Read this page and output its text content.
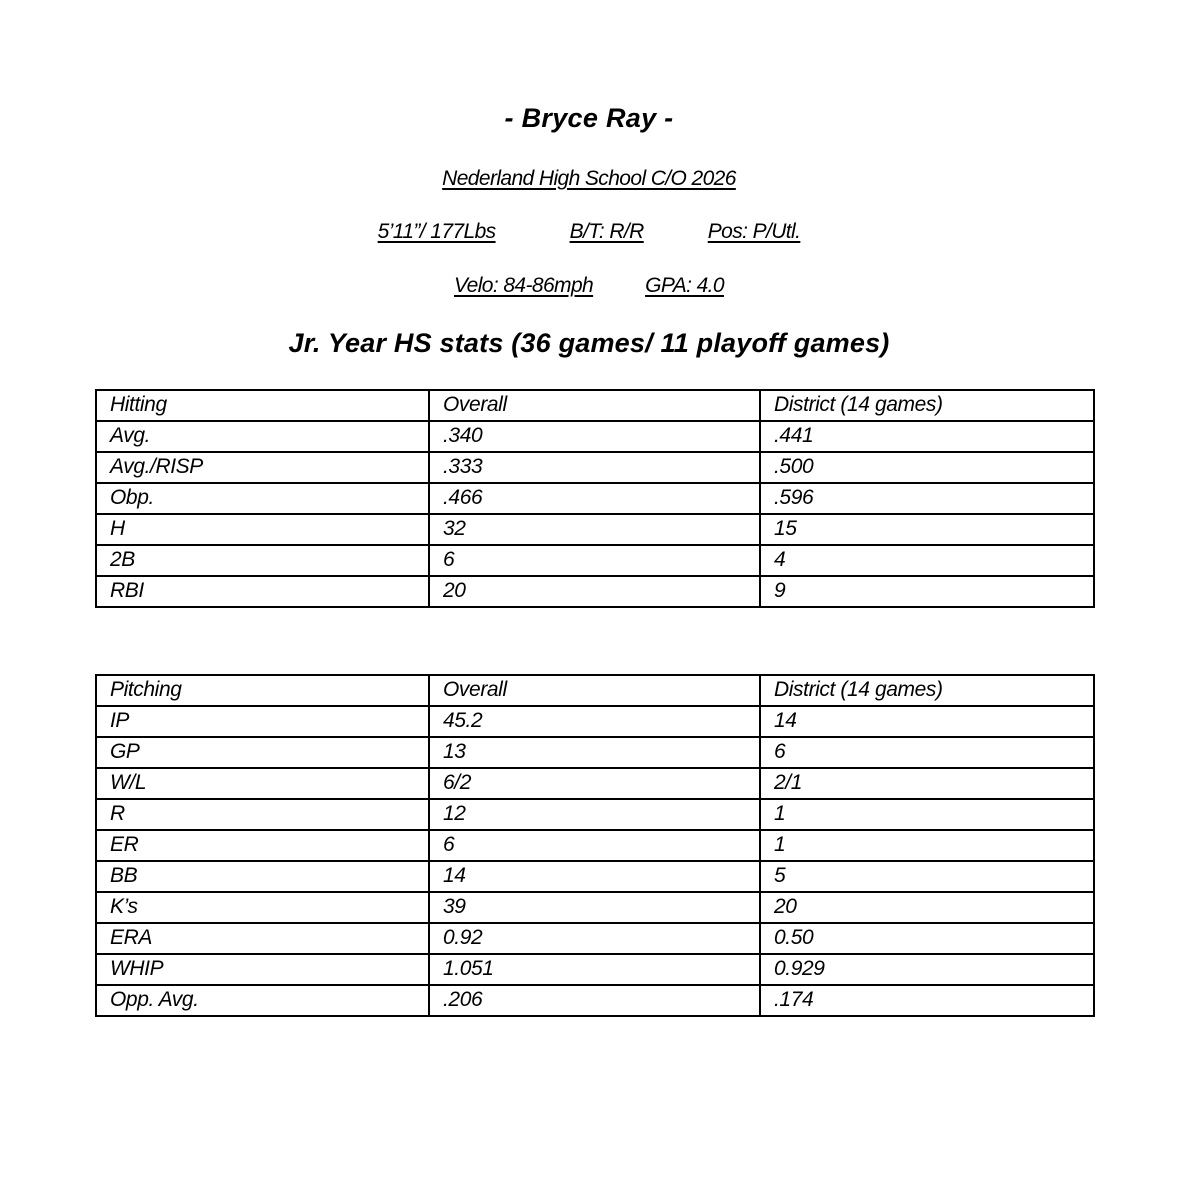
- Bryce Ray -
Nederland High School C/O 2026
5’11”/ 177Lbs	B/T: R/R	Pos: P/Utl.
Velo: 84-86mph GPA: 4.0
Jr. Year HS stats (36 games/ 11 playoff games)
Hitting	Overall	District (14 games)
Avg.	.340	.441
Avg./RISP	.333	.500
Obp.	.466	.596
H	32	15
2B	6	4
RBI	20	9
Pitching	Overall	District (14 games)
IP	45.2	14
GP	13	6
W/L	6/2	2/1
R	12	1
ER	6	1
BB	14	5
K’s	39	20
ERA	0.92	0.50
WHIP	1.051	0.929
Opp. Avg.	.206	.174
